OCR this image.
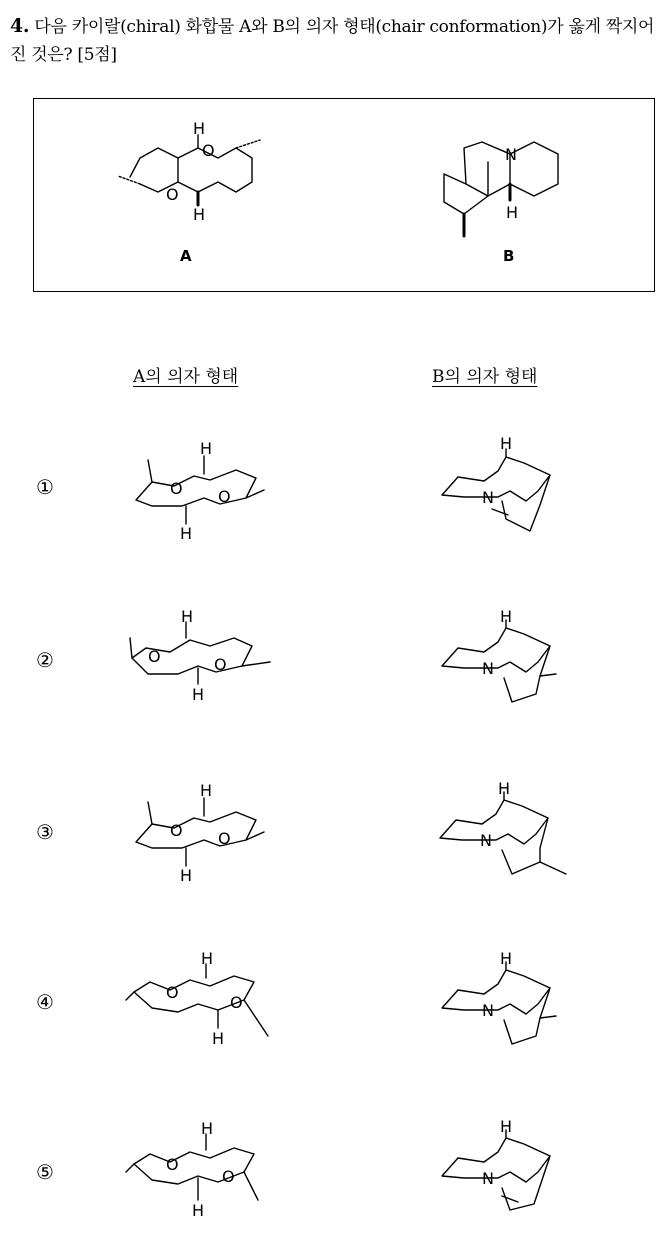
4. 다음 카이랄(chiral) 화합물 A와 B의 의자 형태(chair conformation)가 옳게 짝지어진 것은? [5점]
O
O
H
H
A
N
H
B
A의 의자 형태	B의 의자 형태
①
②
③
④
⑤
O O
H
H
H
N
O	O
H
H
H
N
O O
H
H
H
N
O
O
H
H
H
N
O
O
H
H
H
N
